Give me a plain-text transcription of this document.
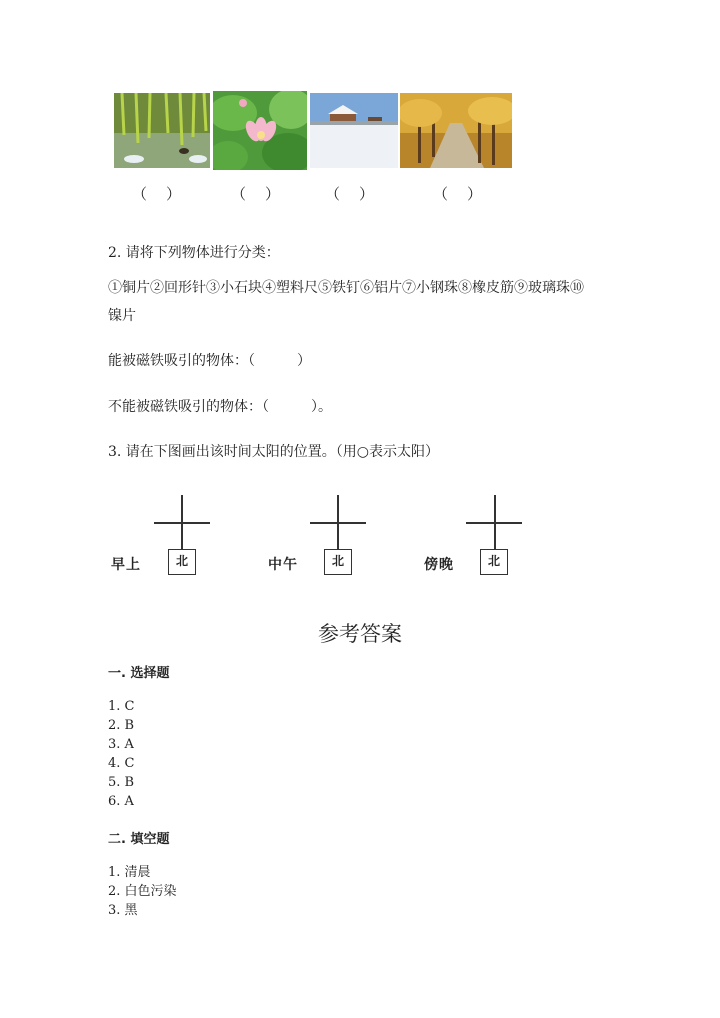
（　）	（　）	（　）	（　）
2. 请将下列物体进行分类：
①铜片②回形针③小石块④塑料尺⑤铁钉⑥铝片⑦小钢珠⑧橡皮筋⑨玻璃珠⑩
镍片
能被磁铁吸引的物体：（　　　）
不能被磁铁吸引的物体：（　　　）。
3. 请在下图画出该时间太阳的位置。（用○表示太阳）
早上	北	中午	北	傍晚	北
参考答案
一. 选择题
1. C
2. B
3. A
4. C
5. B
6. A
二. 填空题
1. 清晨
2. 白色污染
3. 黑
